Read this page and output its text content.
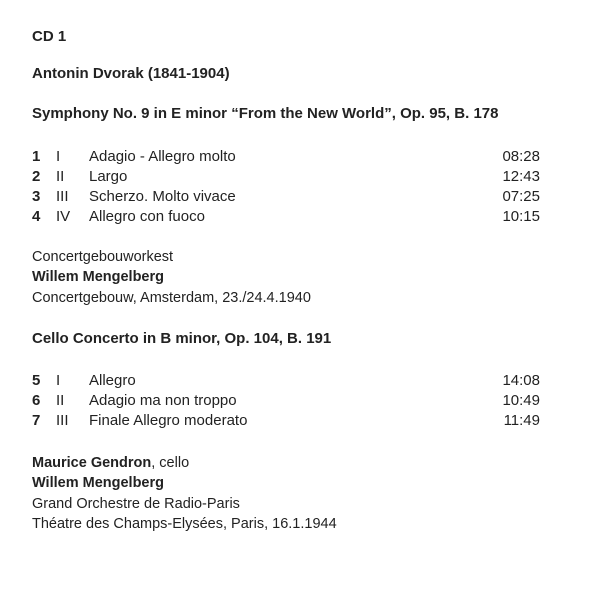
CD 1
Antonin Dvorak (1841-1904)
Symphony No. 9 in E minor “From the New World”, Op. 95, B. 178
1 I Adagio - Allegro molto	08:28
2 II Largo	12:43
3 III Scherzo. Molto vivace	07:25
4 IV Allegro con fuoco	10:15
Concertgebouworkest
Willem Mengelberg
Concertgebouw, Amsterdam, 23./24.4.1940
Cello Concerto in B minor, Op. 104, B. 191
5 I Allegro	14:08
6 II Adagio ma non troppo	10:49
7 III Finale Allegro moderato	11:49
Maurice Gendron, cello
Willem Mengelberg
Grand Orchestre de Radio-Paris
Théatre des Champs-Elysées, Paris, 16.1.1944
